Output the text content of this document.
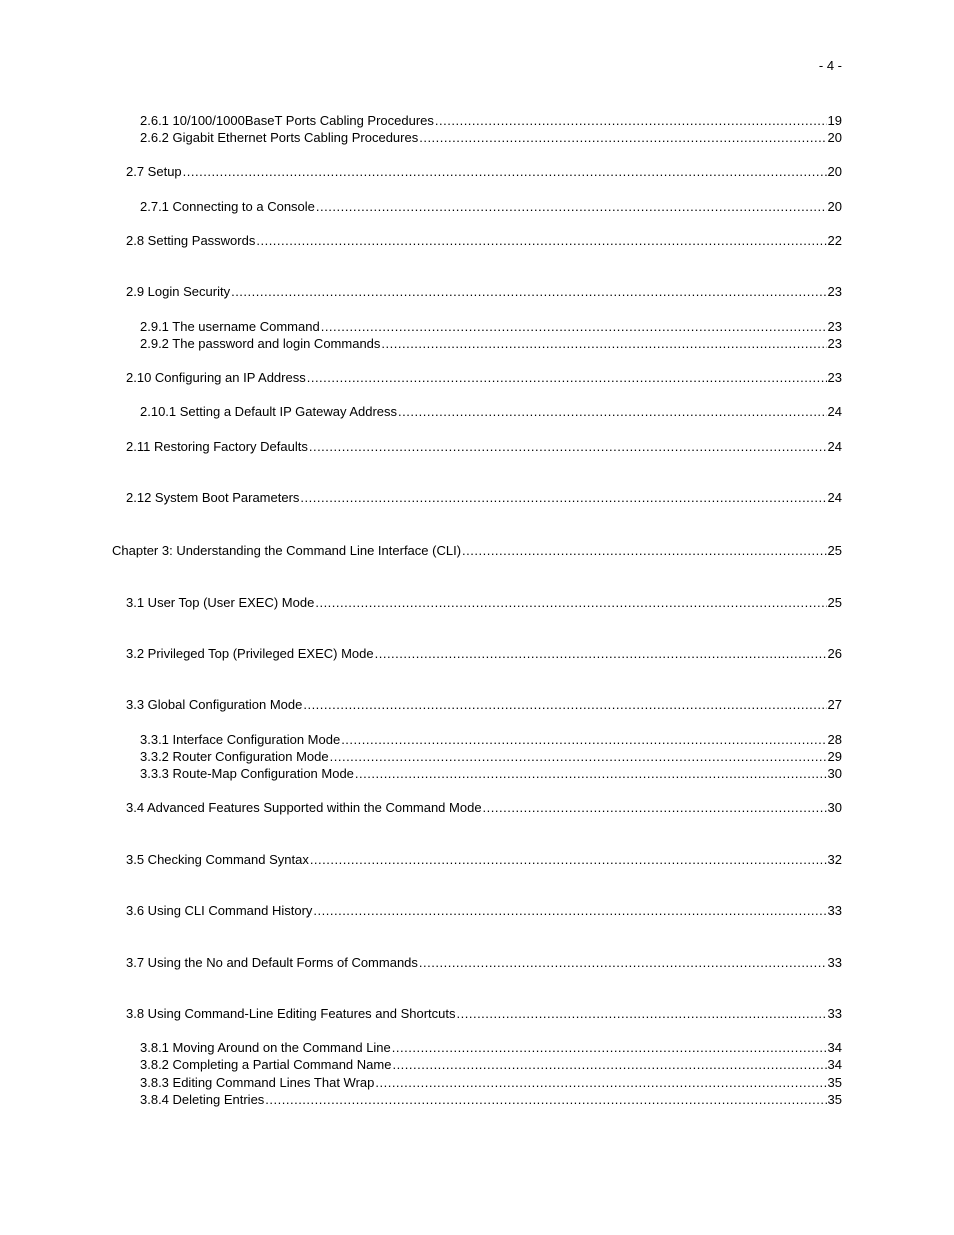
- 4 -
2.6.1 10/100/1000BaseT Ports Cabling Procedures .....	19
2.6.2 Gigabit Ethernet Ports Cabling Procedures .....	20
2.7 Setup .....	20
2.7.1 Connecting to a Console .....	20
2.8 Setting Passwords .....	22
2.9 Login Security .....	23
2.9.1 The username Command .....	23
2.9.2 The password and login Commands .....	23
2.10 Configuring an IP Address .....	23
2.10.1 Setting a Default IP Gateway Address .....	24
2.11 Restoring Factory Defaults .....	24
2.12 System Boot Parameters .....	24
Chapter 3: Understanding the Command Line Interface (CLI) .....	25
3.1 User Top (User EXEC) Mode .....	25
3.2 Privileged Top (Privileged EXEC) Mode .....	26
3.3 Global Configuration Mode .....	27
3.3.1 Interface Configuration Mode .....	28
3.3.2 Router Configuration Mode .....	29
3.3.3 Route-Map Configuration Mode .....	30
3.4 Advanced Features Supported within the Command Mode .....	30
3.5 Checking Command Syntax .....	32
3.6 Using CLI Command History .....	33
3.7 Using the No and Default Forms of Commands .....	33
3.8 Using Command-Line Editing Features and Shortcuts .....	33
3.8.1 Moving Around on the Command Line .....	34
3.8.2 Completing a Partial Command Name .....	34
3.8.3 Editing Command Lines That Wrap .....	35
3.8.4 Deleting Entries .....	35
